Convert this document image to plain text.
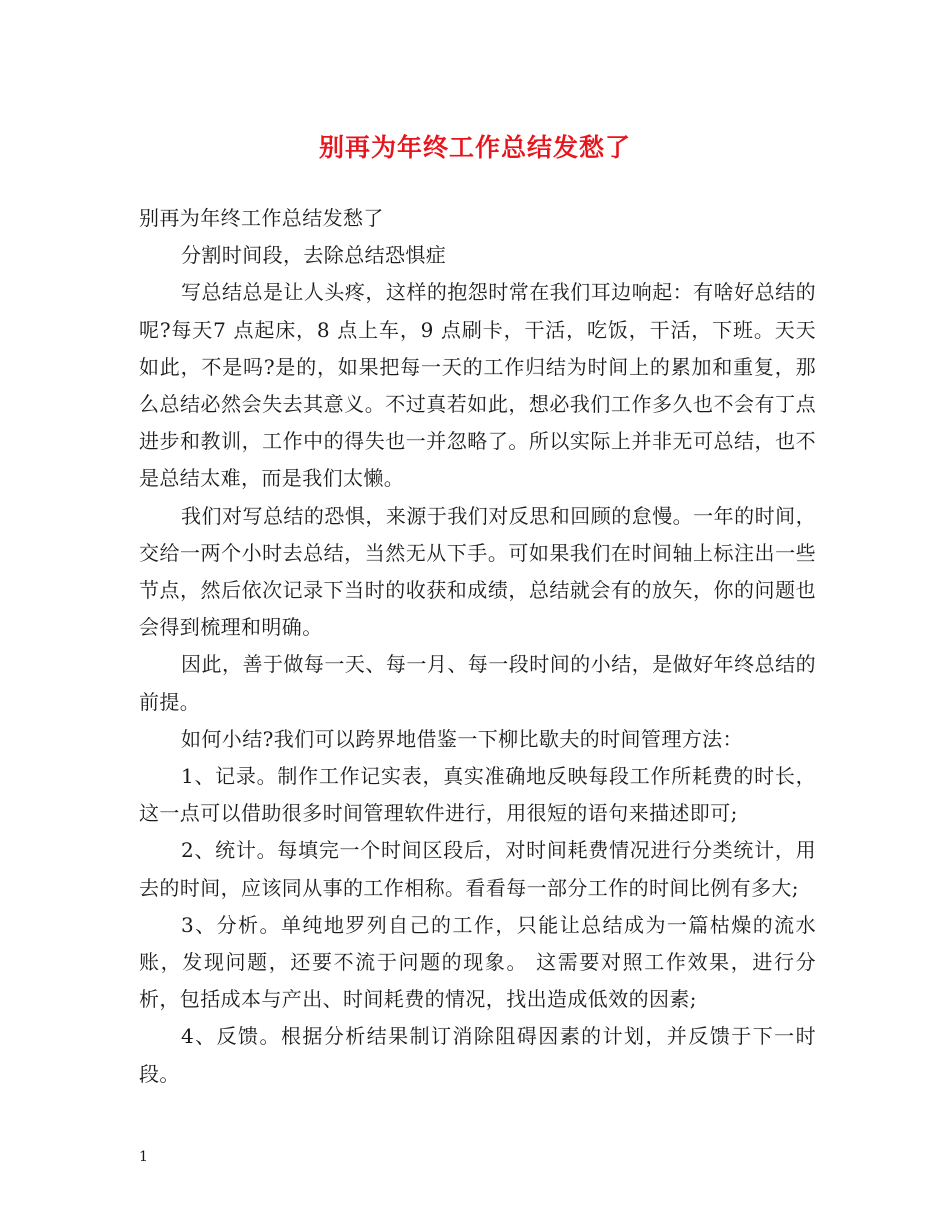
别再为年终工作总结发愁了

别再为年终工作总结发愁了

分割时间段，去除总结恐惧症

写总结总是让人头疼，这样的抱怨时常在我们耳边响起：有啥好总结的呢?每天7 点起床，8 点上车，9 点刷卡，干活，吃饭，干活，下班。天天如此，不是吗?是的，如果把每一天的工作归结为时间上的累加和重复，那么总结必然会失去其意义。不过真若如此，想必我们工作多久也不会有丁点进步和教训，工作中的得失也一并忽略了。所以实际上并非无可总结，也不是总结太难，而是我们太懒。

我们对写总结的恐惧，来源于我们对反思和回顾的怠慢。一年的时间，交给一两个小时去总结，当然无从下手。可如果我们在时间轴上标注出一些节点，然后依次记录下当时的收获和成绩，总结就会有的放矢，你的问题也会得到梳理和明确。

因此，善于做每一天、每一月、每一段时间的小结，是做好年终总结的前提。

如何小结?我们可以跨界地借鉴一下柳比歇夫的时间管理方法：

1、记录。制作工作记实表，真实准确地反映每段工作所耗费的时长，这一点可以借助很多时间管理软件进行，用很短的语句来描述即可;

2、统计。每填完一个时间区段后，对时间耗费情况进行分类统计，用去的时间，应该同从事的工作相称。看看每一部分工作的时间比例有多大;

3、分析。单纯地罗列自己的工作，只能让总结成为一篇枯燥的流水账，发现问题，还要不流于问题的现象。 这需要对照工作效果，进行分析，包括成本与产出、时间耗费的情况，找出造成低效的因素;

4、反馈。根据分析结果制订消除阻碍因素的计划，并反馈于下一时段。

1
